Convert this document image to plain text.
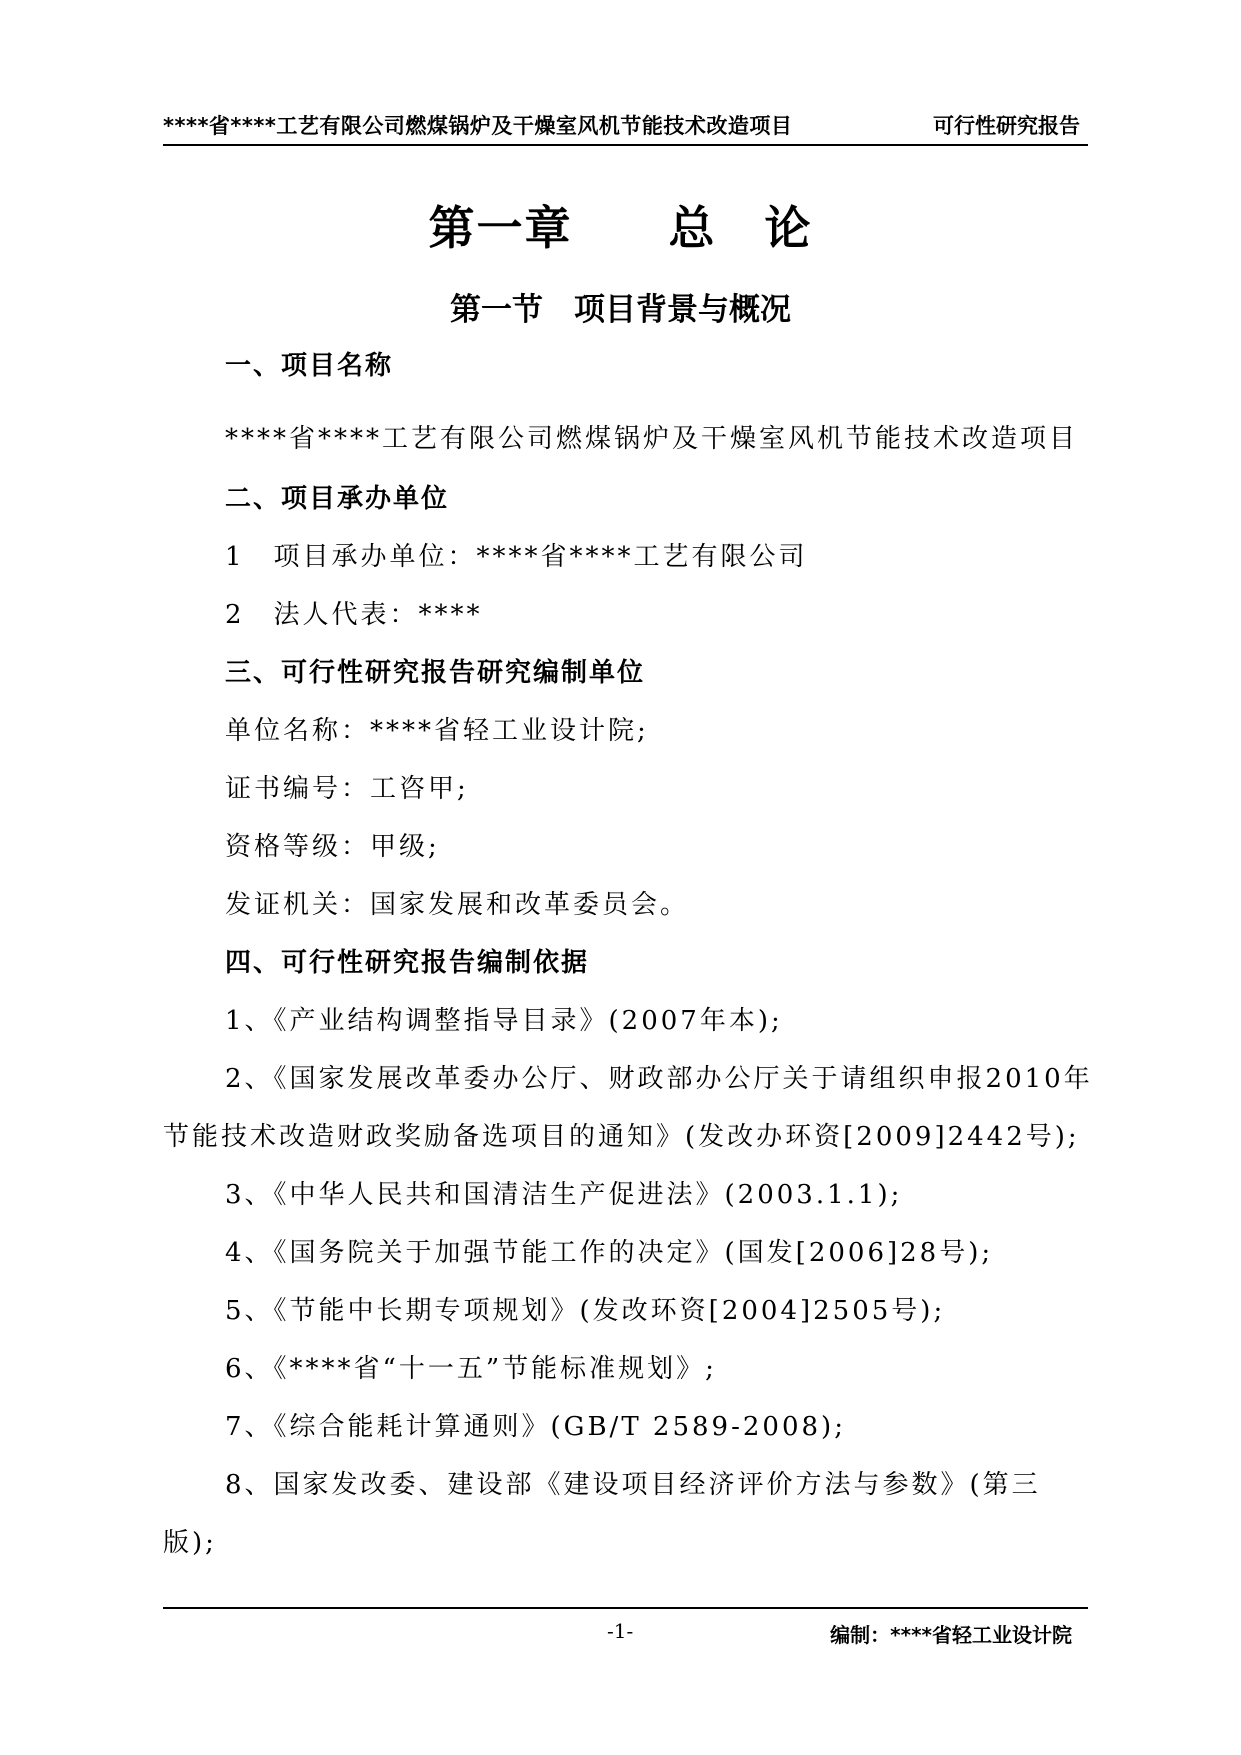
****省****工艺有限公司燃煤锅炉及干燥室风机节能技术改造项目	可行性研究报告
第一章　　总　论
第一节　项目背景与概况
一、项目名称
****省****工艺有限公司燃煤锅炉及干燥室风机节能技术改造项目
二、项目承办单位
1　项目承办单位：****省****工艺有限公司
2　法人代表：****
三、可行性研究报告研究编制单位
单位名称：****省轻工业设计院;
证书编号：工咨甲;
资格等级：甲级;
发证机关：国家发展和改革委员会。
四、可行性研究报告编制依据
1、《产业结构调整指导目录》(2007年本);
2、《国家发展改革委办公厅、财政部办公厅关于请组织申报2010年
节能技术改造财政奖励备选项目的通知》(发改办环资[2009]2442号);
3、《中华人民共和国清洁生产促进法》(2003.1.1);
4、《国务院关于加强节能工作的决定》(国发[2006]28号);
5、《节能中长期专项规划》(发改环资[2004]2505号);
6、《****省“十一五”节能标准规划》;
7、《综合能耗计算通则》(GB/T 2589-2008);
8、国家发改委、建设部《建设项目经济评价方法与参数》(第三
版);
-1-	编制：****省轻工业设计院
